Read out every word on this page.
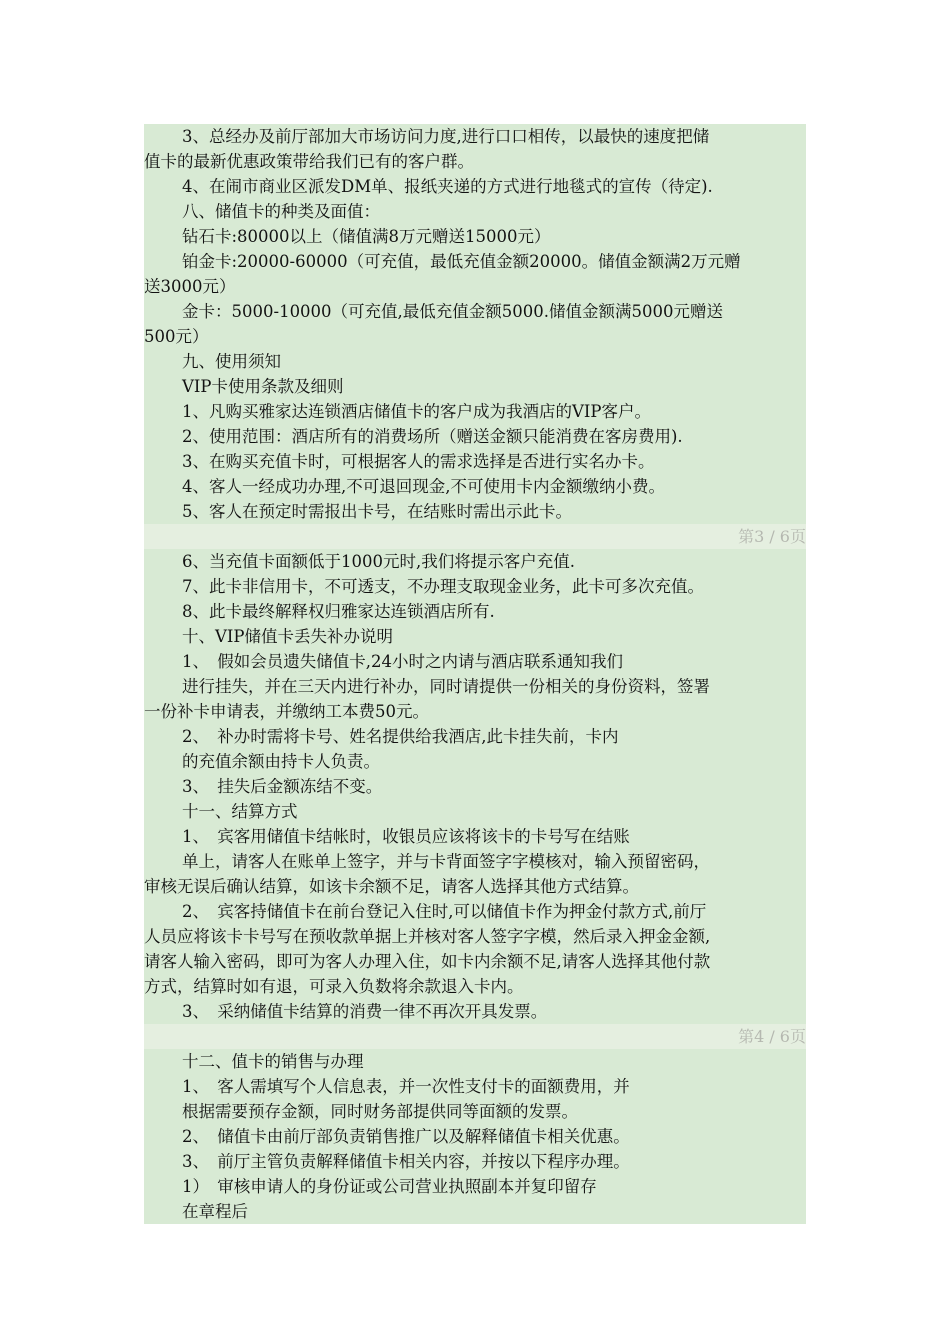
3、总经办及前厅部加大市场访问力度,进行口口相传，以最快的速度把储
值卡的最新优惠政策带给我们已有的客户群。
4、在闹市商业区派发DM单、报纸夹递的方式进行地毯式的宣传（待定).
八、储值卡的种类及面值：
钻石卡:80000以上（储值满8万元赠送15000元）
铂金卡:20000-60000（可充值，最低充值金额20000。储值金额满2万元赠
送3000元）
金卡：5000-10000（可充值,最低充值金额5000.储值金额满5000元赠送
500元）
九、使用须知
VIP卡使用条款及细则
1、凡购买雅家达连锁酒店储值卡的客户成为我酒店的VIP客户。
2、使用范围：酒店所有的消费场所（赠送金额只能消费在客房费用).
3、在购买充值卡时，可根据客人的需求选择是否进行实名办卡。
4、客人一经成功办理,不可退回现金,不可使用卡内金额缴纳小费。
5、客人在预定时需报出卡号，在结账时需出示此卡。
第3 / 6页
6、当充值卡面额低于1000元时,我们将提示客户充值.
7、此卡非信用卡，不可透支，不办理支取现金业务，此卡可多次充值。
8、此卡最终解释权归雅家达连锁酒店所有.
十、VIP储值卡丢失补办说明
1、　假如会员遗失储值卡,24小时之内请与酒店联系通知我们
进行挂失，并在三天内进行补办，同时请提供一份相关的身份资料，签署
一份补卡申请表，并缴纳工本费50元。
2、　补办时需将卡号、姓名提供给我酒店,此卡挂失前，卡内
的充值余额由持卡人负责。
3、　挂失后金额冻结不变。
十一、结算方式
1、　宾客用储值卡结帐时，收银员应该将该卡的卡号写在结账
单上，请客人在账单上签字，并与卡背面签字字模核对，输入预留密码，
审核无误后确认结算，如该卡余额不足，请客人选择其他方式结算。
2、　宾客持储值卡在前台登记入住时,可以储值卡作为押金付款方式,前厅
人员应将该卡卡号写在预收款单据上并核对客人签字字模，然后录入押金金额,
请客人输入密码，即可为客人办理入住，如卡内余额不足,请客人选择其他付款
方式，结算时如有退，可录入负数将余款退入卡内。
3、　采纳储值卡结算的消费一律不再次开具发票。
第4 / 6页
十二、值卡的销售与办理
1、　客人需填写个人信息表，并一次性支付卡的面额费用，并
根据需要预存金额，同时财务部提供同等面额的发票。
2、　储值卡由前厅部负责销售推广以及解释储值卡相关优惠。
3、　前厅主管负责解释储值卡相关内容，并按以下程序办理。
1）　审核申请人的身份证或公司营业执照副本并复印留存
在章程后
